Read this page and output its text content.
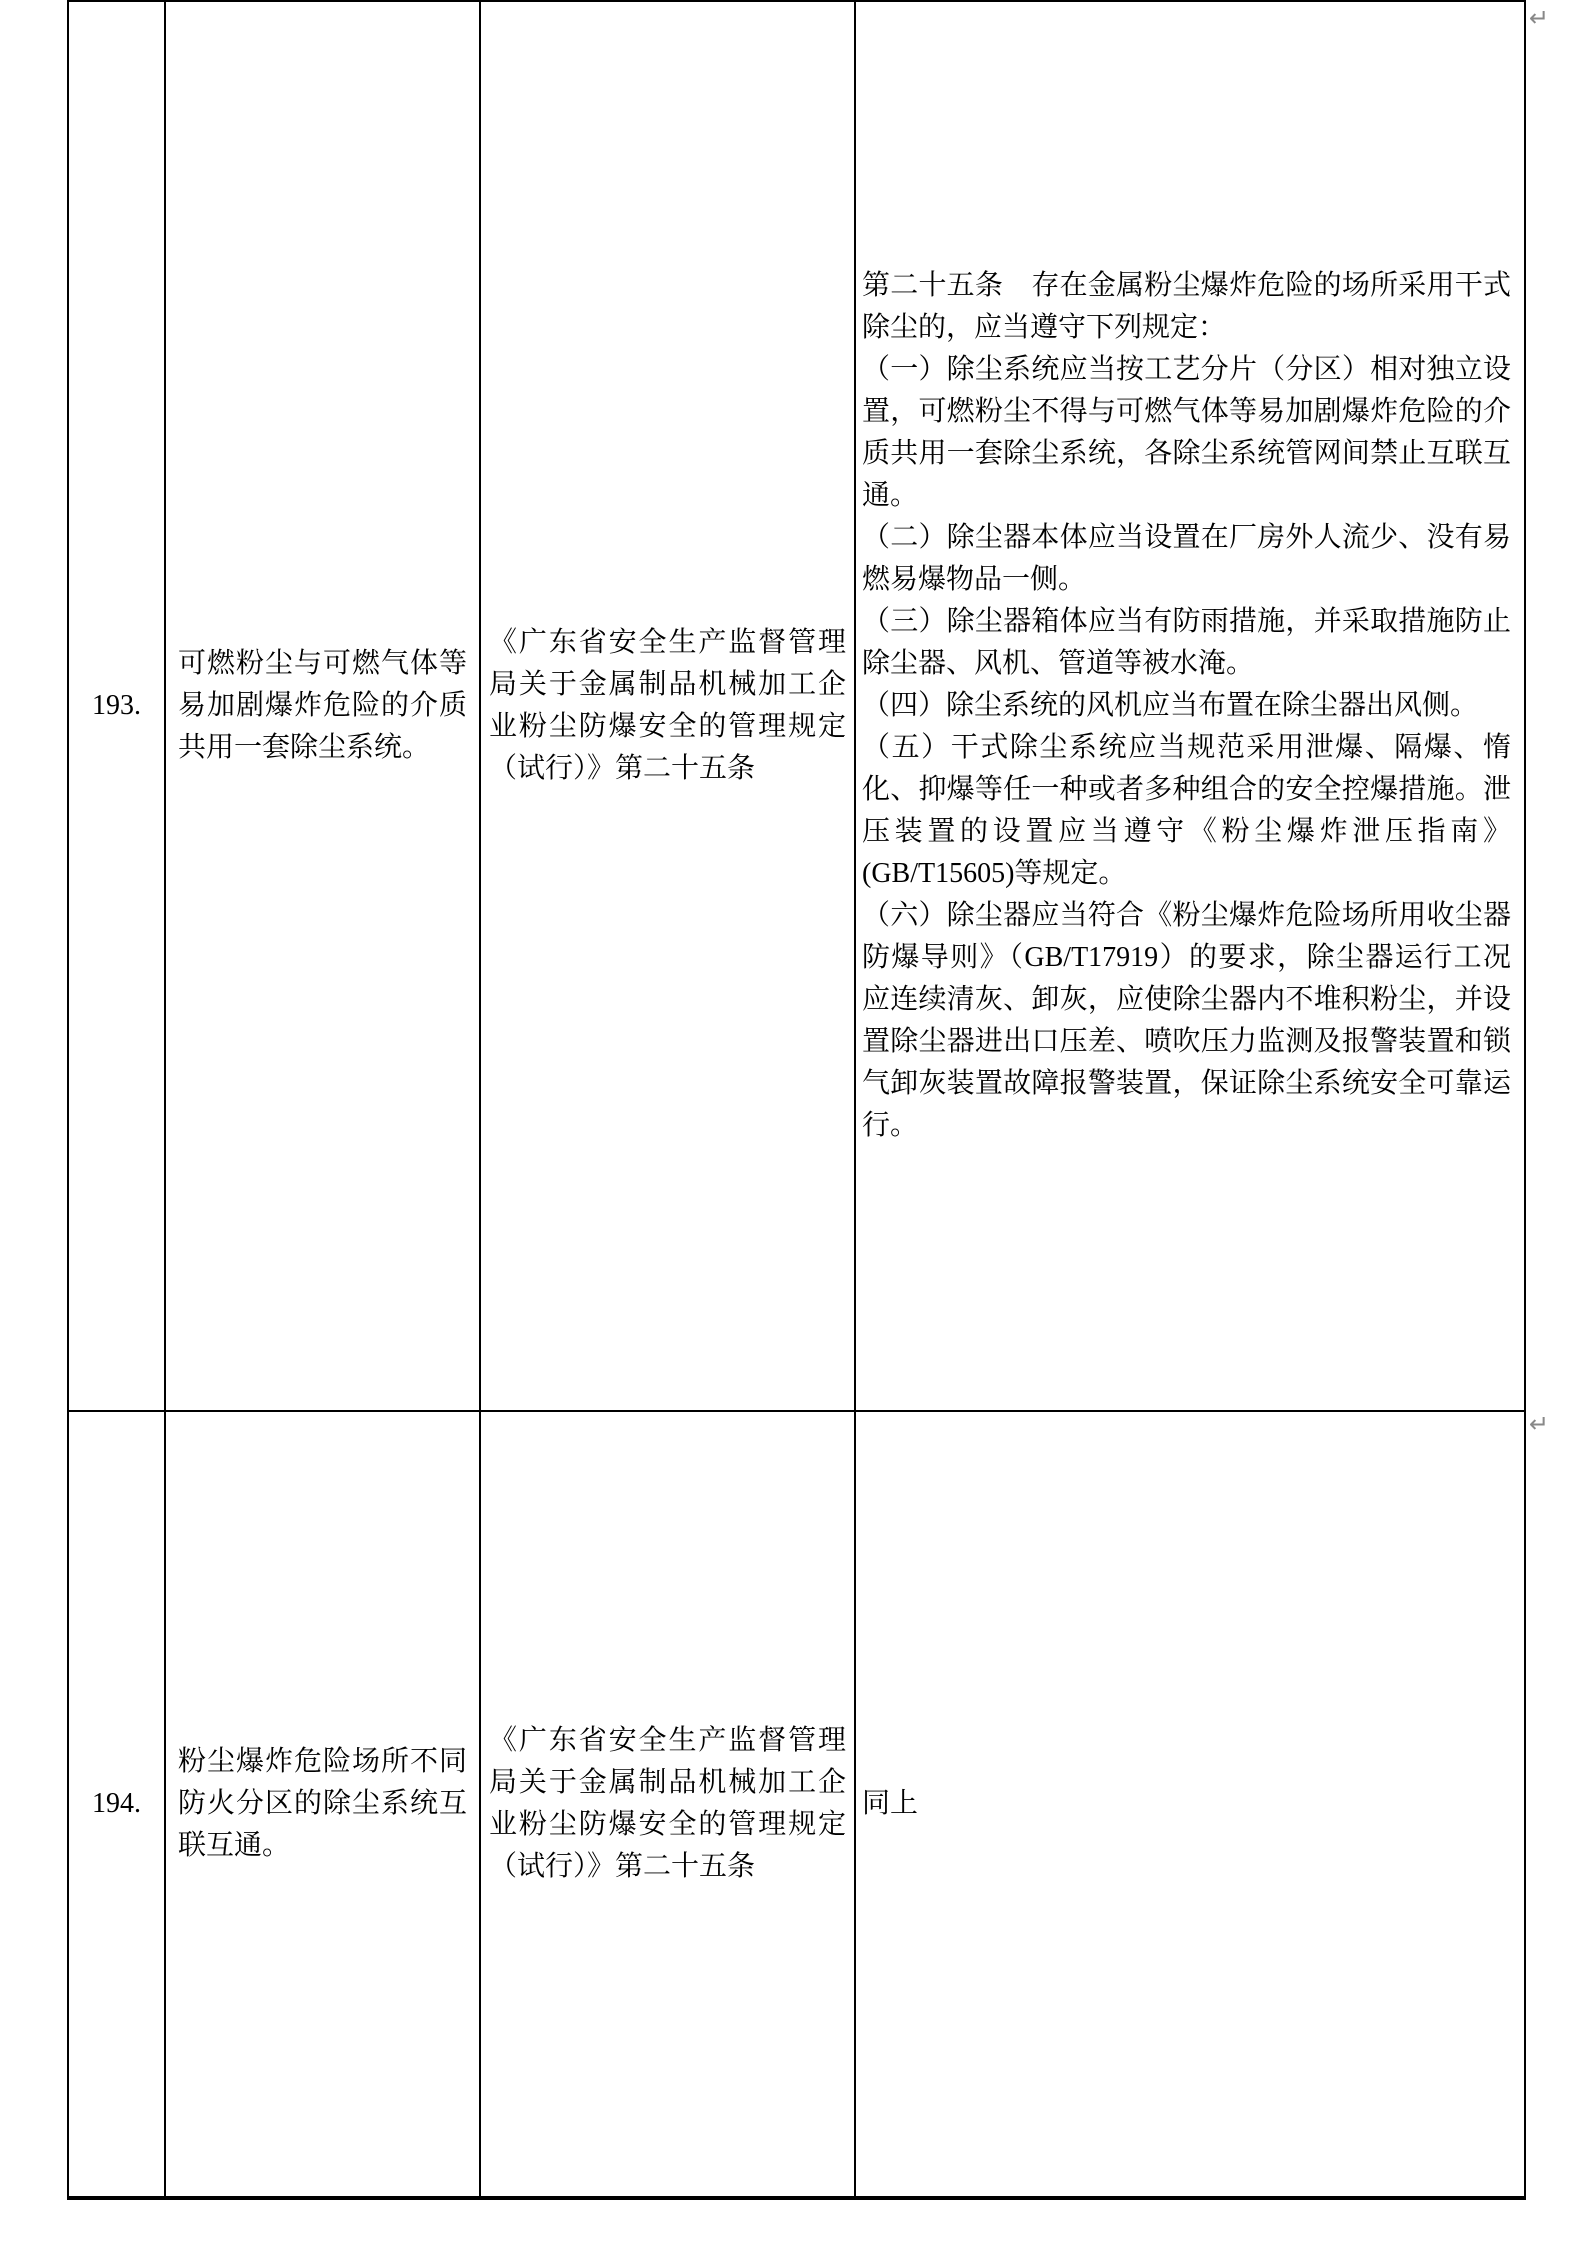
↵
↵

193.

可燃粉尘与可燃气体等易加剧爆炸危险的介质共用一套除尘系统。

《广东省安全生产监督管理局关于金属制品机械加工企业粉尘防爆安全的管理规定（试行）》第二十五条

第二十五条　存在金属粉尘爆炸危险的场所采用干式除尘的，应当遵守下列规定：

（一）除尘系统应当按工艺分片（分区）相对独立设置，可燃粉尘不得与可燃气体等易加剧爆炸危险的介质共用一套除尘系统，各除尘系统管网间禁止互联互通。

（二）除尘器本体应当设置在厂房外人流少、没有易燃易爆物品一侧。

（三）除尘器箱体应当有防雨措施，并采取措施防止除尘器、风机、管道等被水淹。

（四）除尘系统的风机应当布置在除尘器出风侧。

（五）干式除尘系统应当规范采用泄爆、隔爆、惰化、抑爆等任一种或者多种组合的安全控爆措施。泄压装置的设置应当遵守《粉尘爆炸泄压指南》(GB/T15605)等规定。

（六）除尘器应当符合《粉尘爆炸危险场所用收尘器防爆导则》（GB/T17919）的要求，除尘器运行工况应连续清灰、卸灰，应使除尘器内不堆积粉尘，并设置除尘器进出口压差、喷吹压力监测及报警装置和锁气卸灰装置故障报警装置，保证除尘系统安全可靠运行。

194.

粉尘爆炸危险场所不同防火分区的除尘系统互联互通。

《广东省安全生产监督管理局关于金属制品机械加工企业粉尘防爆安全的管理规定（试行）》第二十五条

同上
